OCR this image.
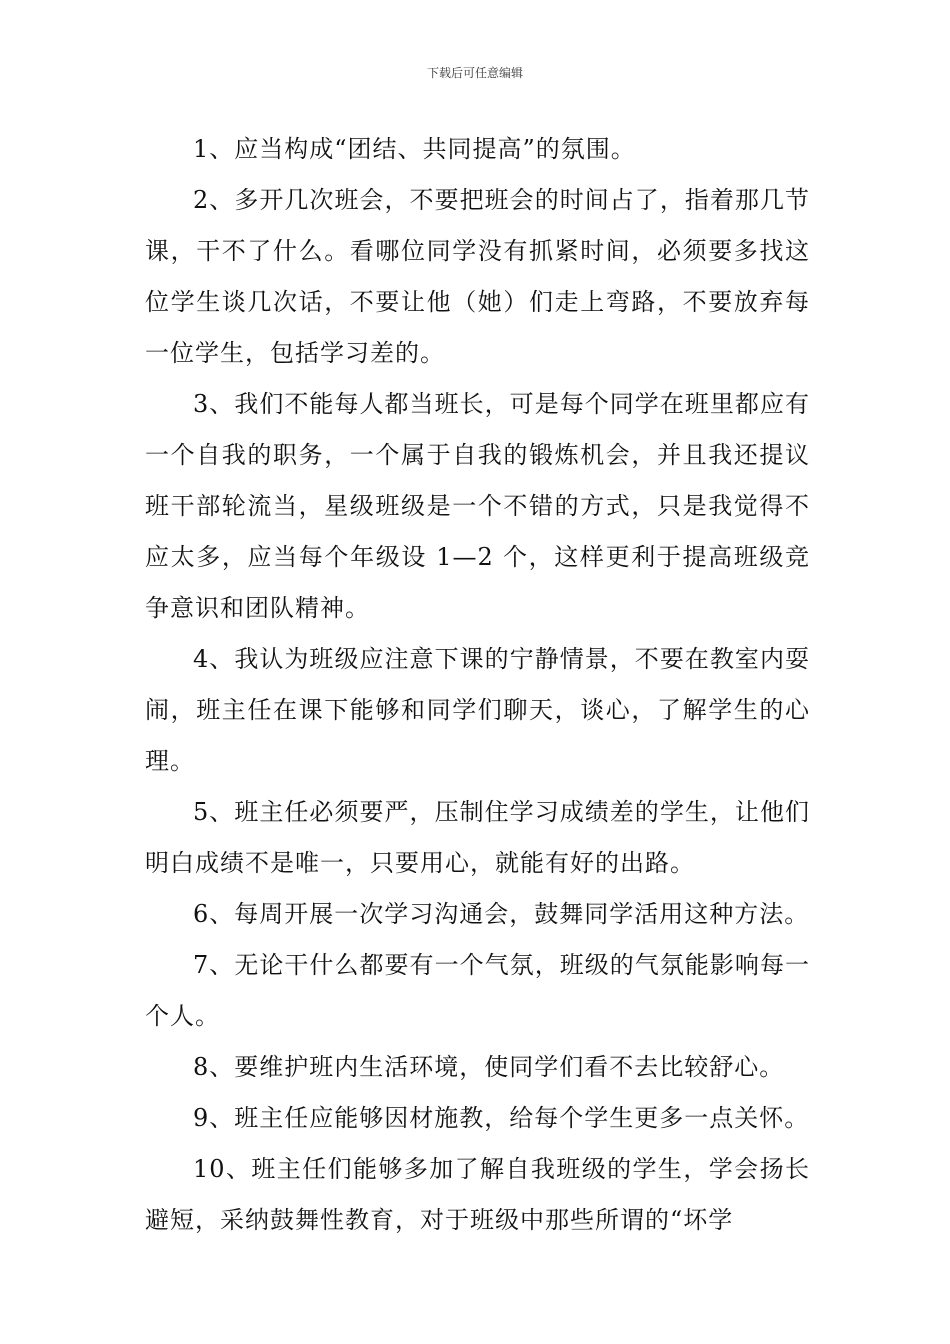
下载后可任意编辑

1、应当构成“团结、共同提高”的氛围。

2、多开几次班会，不要把班会的时间占了，指着那几节课，干不了什么。看哪位同学没有抓紧时间，必须要多找这位学生谈几次话，不要让他（她）们走上弯路，不要放弃每一位学生，包括学习差的。

3、我们不能每人都当班长，可是每个同学在班里都应有一个自我的职务，一个属于自我的锻炼机会，并且我还提议班干部轮流当，星级班级是一个不错的方式，只是我觉得不应太多，应当每个年级设 1—2 个，这样更利于提高班级竞争意识和团队精神。

4、我认为班级应注意下课的宁静情景，不要在教室内耍闹，班主任在课下能够和同学们聊天，谈心，了解学生的心理。

5、班主任必须要严，压制住学习成绩差的学生，让他们明白成绩不是唯一，只要用心，就能有好的出路。

6、每周开展一次学习沟通会，鼓舞同学活用这种方法。

7、无论干什么都要有一个气氛，班级的气氛能影响每一个人。

8、要维护班内生活环境，使同学们看不去比较舒心。

9、班主任应能够因材施教，给每个学生更多一点关怀。

10、班主任们能够多加了解自我班级的学生，学会扬长避短，采纳鼓舞性教育，对于班级中那些所谓的“坏学
